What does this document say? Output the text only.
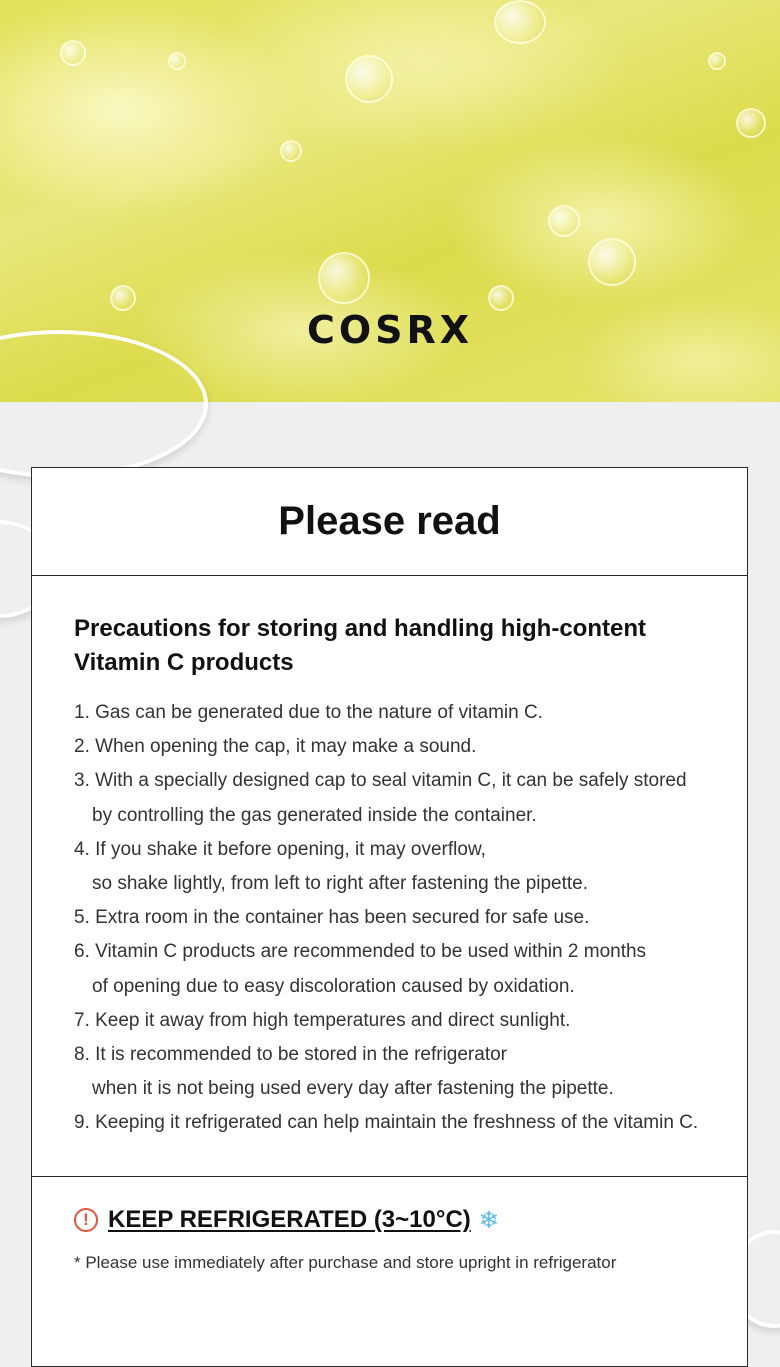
COSRX
Please read
Precautions for storing and handling high-content
Vitamin C products
1. Gas can be generated due to the nature of vitamin C.
2. When opening the cap, it may make a sound.
3. With a specially designed cap to seal vitamin C, it can be safely stored
by controlling the gas generated inside the container.
4. If you shake it before opening, it may overflow,
so shake lightly, from left to right after fastening the pipette.
5. Extra room in the container has been secured for safe use.
6. Vitamin C products are recommended to be used within 2 months
of opening due to easy discoloration caused by oxidation.
7. Keep it away from high temperatures and direct sunlight.
8. It is recommended to be stored in the refrigerator
when it is not being used every day after fastening the pipette.
9. Keeping it refrigerated can help maintain the freshness of the vitamin C.
! KEEP REFRIGERATED (3~10°C) ❄
* Please use immediately after purchase and store upright in refrigerator
